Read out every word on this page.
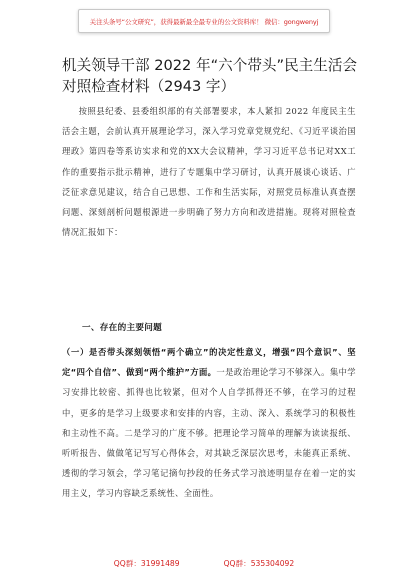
关注头条号“公文研究”，获得最新最全最专业的公文资料库！ 微信：gongwenyj
机关领导干部 2022 年“六个带头”民主生活会对照检查材料（2943 字）

按照县纪委、县委组织部的有关部署要求，本人紧扣 2022 年度民主生活会主题，会前认真开展理论学习，深入学习党章党规党纪、《习近平谈治国理政》第四卷等系访实求和党的XX大会议精神，学习习近平总书记对XX工作的重要指示批示精神，进行了专题集中学习研讨，认真开展谈心谈话、广泛征求意见建议，结合自己思想、工作和生活实际，对照党员标准认真查摆问题、深刻剖析问题根源进一步明确了努力方向和改进措施。现将对照检查情况汇报如下：

一、存在的主要问题

（一）是否带头深刻领悟“两个确立”的决定性意义，增强“四个意识”、坚定“四个自信”、做到“两个维护”方面。一是政治理论学习不够深入。集中学习安排比较密、抓得也比较紧，但对个人自学抓得还不够，在学习的过程中，更多的是学习上级要求和安排的内容，主动、深入、系统学习的积极性和主动性不高。二是学习的广度不够。把理论学习简单的理解为读读报纸、听听报告、做做笔记写写心得体会，对其缺乏深层次思考，未能真正系统、透彻的学习领会，学习笔记摘句抄段的任务式学习浪迹明显存在着一定的实用主义，学习内容缺乏系统性、全面性。

QQ群：31991489	QQ群：535304092
